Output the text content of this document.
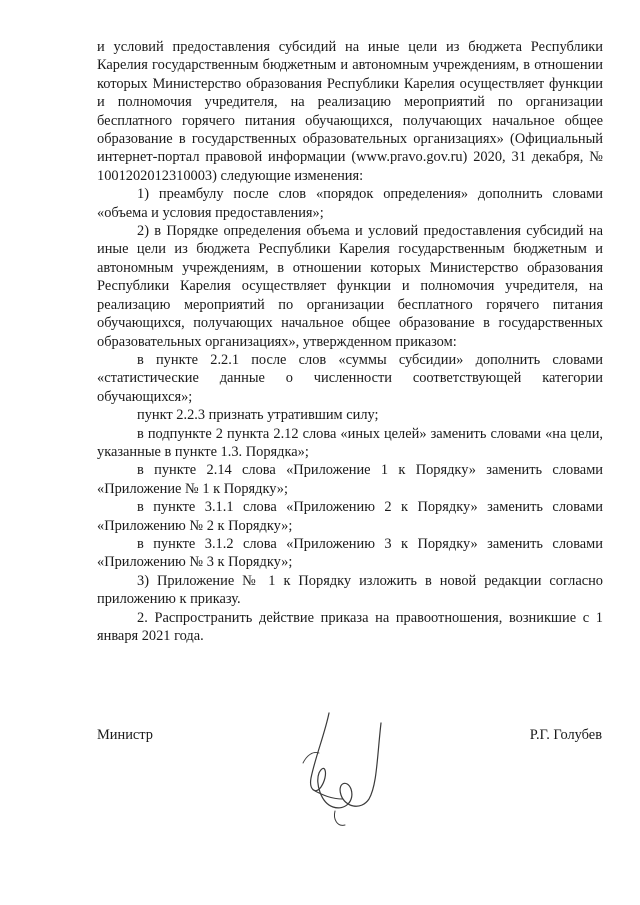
и условий предоставления субсидий на иные цели из бюджета Республики Карелия государственным бюджетным и автономным учреждениям, в отношении которых Министерство образования Республики Карелия осуществляет функции и полномочия учредителя, на реализацию мероприятий по организации бесплатного горячего питания обучающихся, получающих начальное общее образование в государственных образовательных организациях» (Официальный интернет-портал правовой информации (www.pravo.gov.ru) 2020, 31 декабря, № 1001202012310003) следующие изменения:

1) преамбулу после слов «порядок определения» дополнить словами «объема и условия предоставления»;

2) в Порядке определения объема и условий предоставления субсидий на иные цели из бюджета Республики Карелия государственным бюджетным и автономным учреждениям, в отношении которых Министерство образования Республики Карелия осуществляет функции и полномочия учредителя, на реализацию мероприятий по организации бесплатного горячего питания обучающихся, получающих начальное общее образование в государственных образовательных организациях», утвержденном приказом:

в пункте 2.2.1 после слов «суммы субсидии» дополнить словами «статистические данные о численности соответствующей категории обучающихся»;

пункт 2.2.3 признать утратившим силу;

в подпункте 2 пункта 2.12 слова «иных целей» заменить словами «на цели, указанные в пункте 1.3. Порядка»;

в пункте 2.14 слова «Приложение 1 к Порядку» заменить словами «Приложение № 1 к Порядку»;

в пункте 3.1.1 слова «Приложению 2 к Порядку» заменить словами «Приложению № 2 к Порядку»;

в пункте 3.1.2 слова «Приложению 3 к Порядку» заменить словами «Приложению № 3 к Порядку»;

3) Приложение № 1 к Порядку изложить в новой редакции согласно приложению к приказу.

2. Распространить действие приказа на правоотношения, возникшие с 1 января 2021 года.

Министр	Р.Г. Голубев
